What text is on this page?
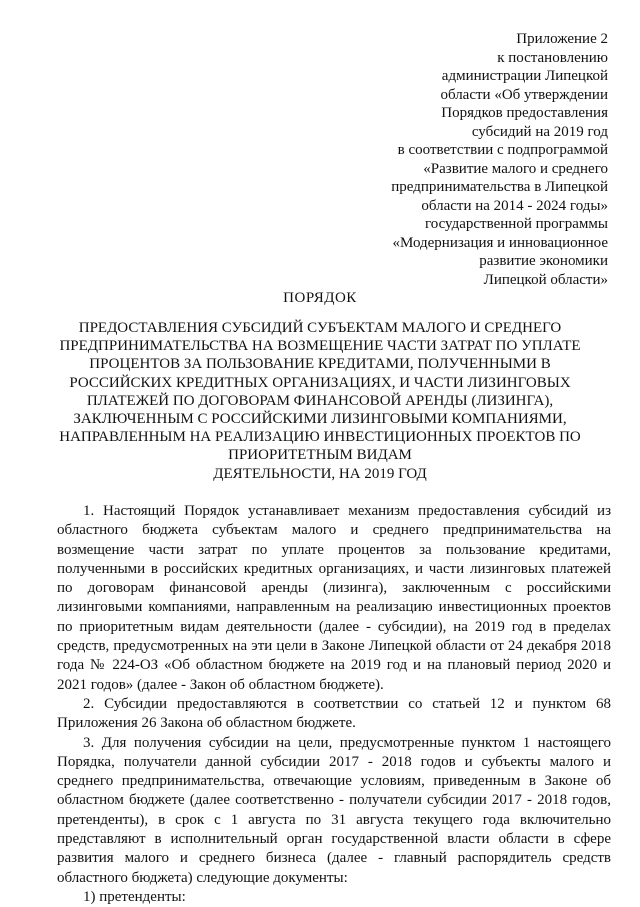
Приложение 2
к постановлению
администрации Липецкой
области «Об утверждении
Порядков предоставления
субсидий на 2019 год
в соответствии с подпрограммой
«Развитие малого и среднего
предпринимательства в Липецкой
области на 2014 - 2024 годы»
государственной программы
«Модернизация и инновационное
развитие экономики
Липецкой области»
ПОРЯДОК
ПРЕДОСТАВЛЕНИЯ СУБСИДИЙ СУБЪЕКТАМ МАЛОГО И СРЕДНЕГО
ПРЕДПРИНИМАТЕЛЬСТВА НА ВОЗМЕЩЕНИЕ ЧАСТИ ЗАТРАТ ПО УПЛАТЕ
ПРОЦЕНТОВ ЗА ПОЛЬЗОВАНИЕ КРЕДИТАМИ, ПОЛУЧЕННЫМИ В
РОССИЙСКИХ КРЕДИТНЫХ ОРГАНИЗАЦИЯХ, И ЧАСТИ ЛИЗИНГОВЫХ
ПЛАТЕЖЕЙ ПО ДОГОВОРАМ ФИНАНСОВОЙ АРЕНДЫ (ЛИЗИНГА),
ЗАКЛЮЧЕННЫМ С РОССИЙСКИМИ ЛИЗИНГОВЫМИ КОМПАНИЯМИ,
НАПРАВЛЕННЫМ НА РЕАЛИЗАЦИЮ ИНВЕСТИЦИОННЫХ ПРОЕКТОВ ПО
ПРИОРИТЕТНЫМ ВИДАМ
ДЕЯТЕЛЬНОСТИ, НА 2019 ГОД

1. Настоящий Порядок устанавливает механизм предоставления субсидий из областного бюджета субъектам малого и среднего предпринимательства на возмещение части затрат по уплате процентов за пользование кредитами, полученными в российских кредитных организациях, и части лизинговых платежей по договорам финансовой аренды (лизинга), заключенным с российскими лизинговыми компаниями, направленным на реализацию инвестиционных проектов по приоритетным видам деятельности (далее - субсидии), на 2019 год в пределах средств, предусмотренных на эти цели в Законе Липецкой области от 24 декабря 2018 года № 224-ОЗ «Об областном бюджете на 2019 год и на плановый период 2020 и 2021 годов» (далее - Закон об областном бюджете).

2. Субсидии предоставляются в соответствии со статьей 12 и пунктом 68 Приложения 26 Закона об областном бюджете.

3. Для получения субсидии на цели, предусмотренные пунктом 1 настоящего Порядка, получатели данной субсидии 2017 - 2018 годов и субъекты малого и среднего предпринимательства, отвечающие условиям, приведенным в Законе об областном бюджете (далее соответственно - получатели субсидии 2017 - 2018 годов, претенденты), в срок с 1 августа по 31 августа текущего года включительно представляют в исполнительный орган государственной власти области в сфере развития малого и среднего бизнеса (далее - главный распорядитель средств областного бюджета) следующие документы:

1) претенденты:
